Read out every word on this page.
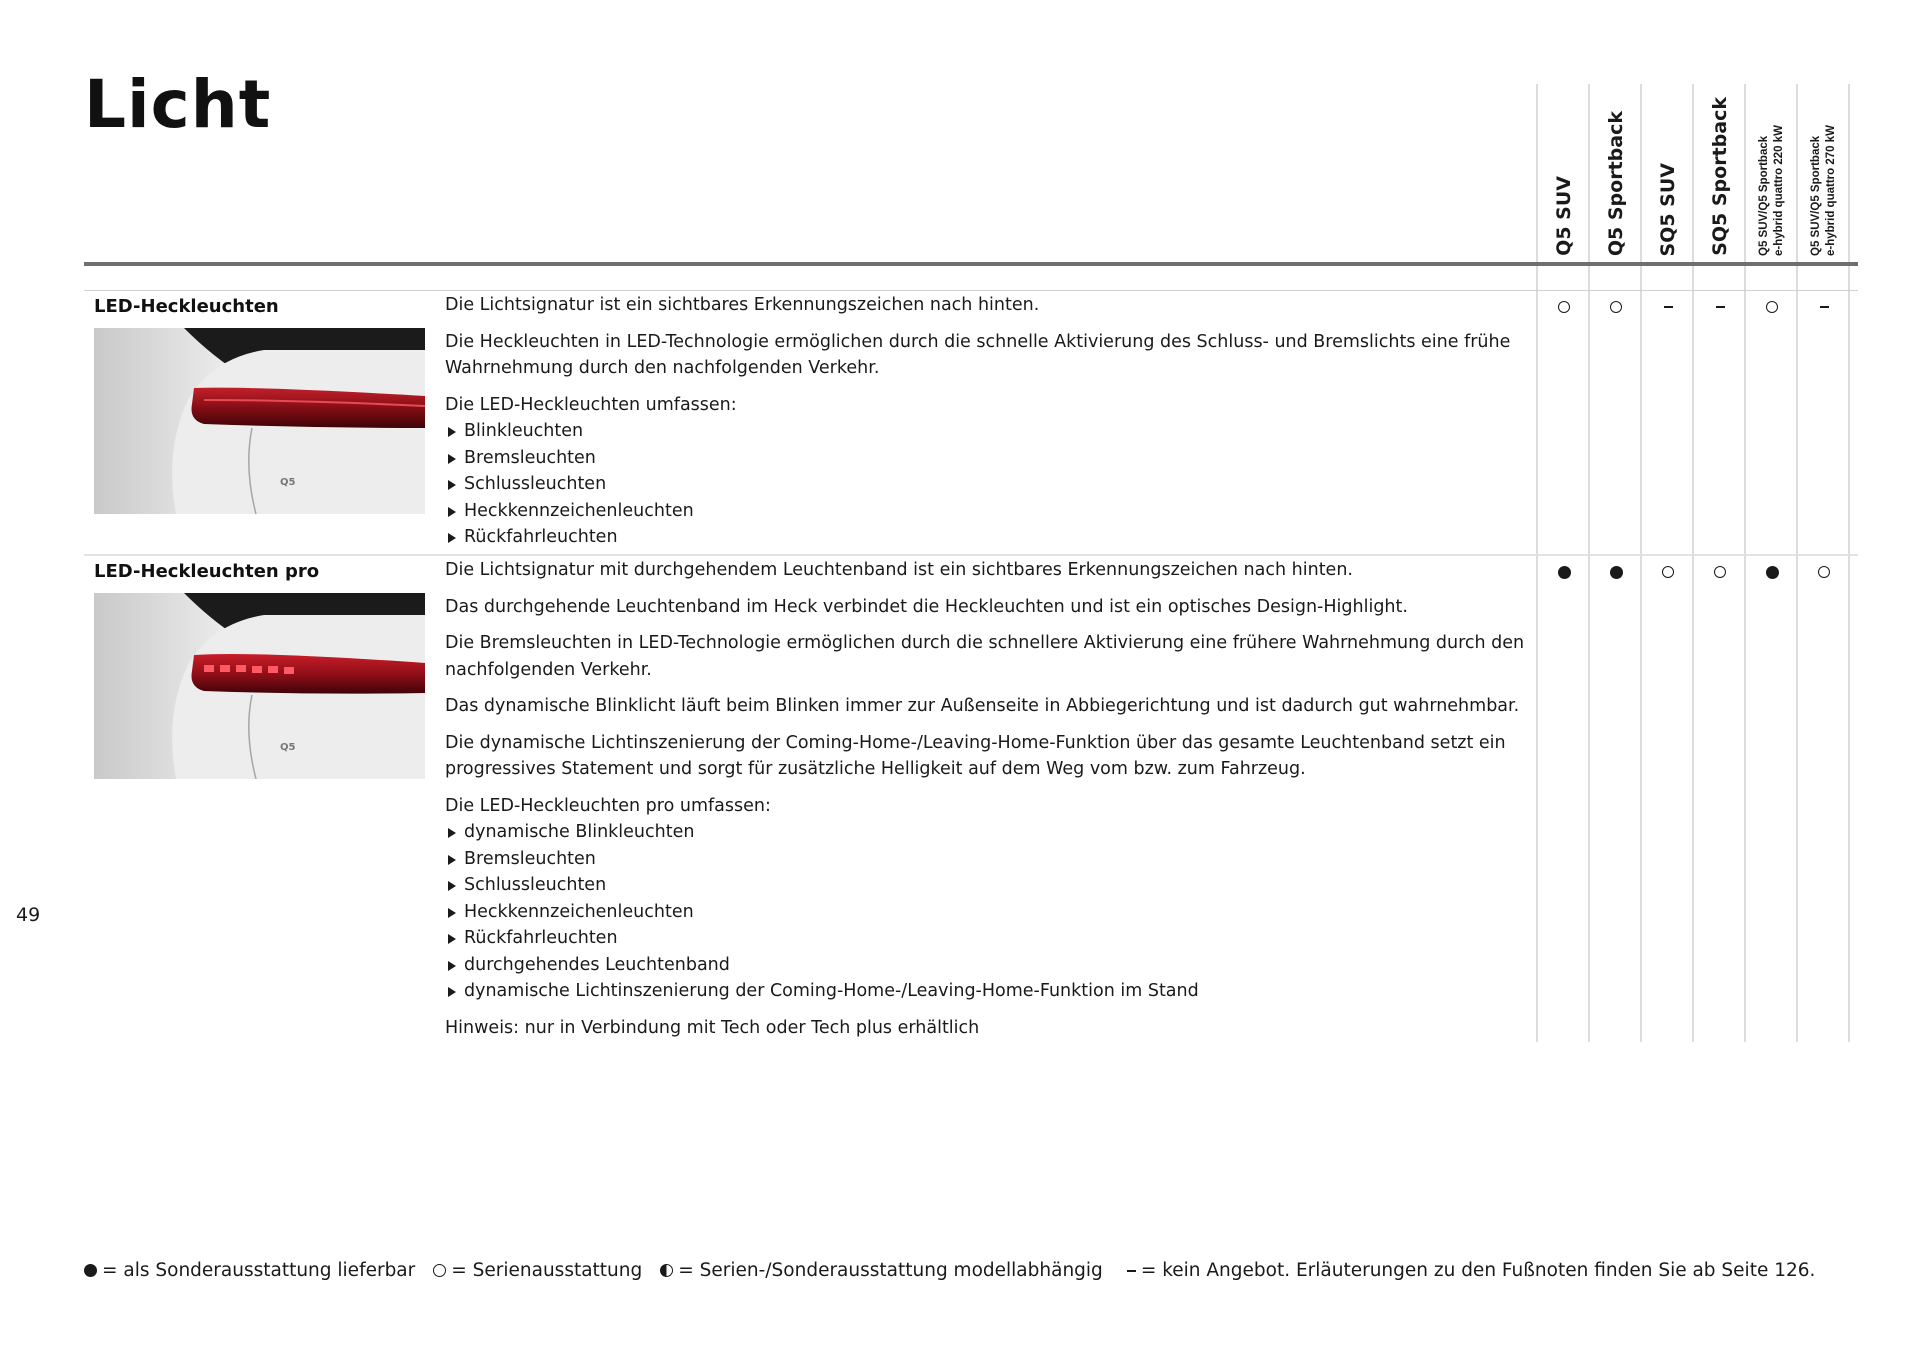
Licht
Q5 SUV Q5 Sportback SQ5 SUV SQ5 Sportback Q5 SUV/Q5 Sportback e-hybrid quattro 220 kW Q5 SUV/Q5 Sportback e-hybrid quattro 270 kW
LED-Heckleuchten
Q5

Die Lichtsignatur ist ein sichtbares Erkennungszeichen nach hinten.

Die Heckleuchten in LED-Technologie ermöglichen durch die schnelle Aktivierung des Schluss- und Bremslichts eine frühe Wahrnehmung durch den nachfolgenden Verkehr.

Die LED-Heckleuchten umfassen:

Blinkleuchten
Bremsleuchten
Schlussleuchten
Heckkennzeichenleuchten
Rückfahrleuchten
LED-Heckleuchten pro
Q5

Die Lichtsignatur mit durchgehendem Leuchtenband ist ein sichtbares Erkennungszeichen nach hinten.

Das durchgehende Leuchtenband im Heck verbindet die Heckleuchten und ist ein optisches Design-Highlight.

Die Bremsleuchten in LED-Technologie ermöglichen durch die schnellere Aktivierung eine frühere Wahrnehmung durch den nachfolgenden Verkehr.

Das dynamische Blinklicht läuft beim Blinken immer zur Außenseite in Abbiegerichtung und ist dadurch gut wahrnehmbar.

Die dynamische Lichtinszenierung der Coming-Home-/Leaving-Home-Funktion über das gesamte Leuchtenband setzt ein progressives Statement und sorgt für zusätzliche Helligkeit auf dem Weg vom bzw. zum Fahrzeug.

Die LED-Heckleuchten pro umfassen:

dynamische Blinkleuchten
Bremsleuchten
Schlussleuchten
Heckkennzeichenleuchten
Rückfahrleuchten
durchgehendes Leuchtenband
dynamische Lichtinszenierung der Coming-Home-/Leaving-Home-Funktion im Stand

Hinweis: nur in Verbindung mit Tech oder Tech plus erhältlich

49
= als Sonderausstattung lieferbar = Serienausstattung = Serien-/Sonderausstattung modellabhängig = kein Angebot. Erläuterungen zu den Fußnoten finden Sie ab Seite 126.
